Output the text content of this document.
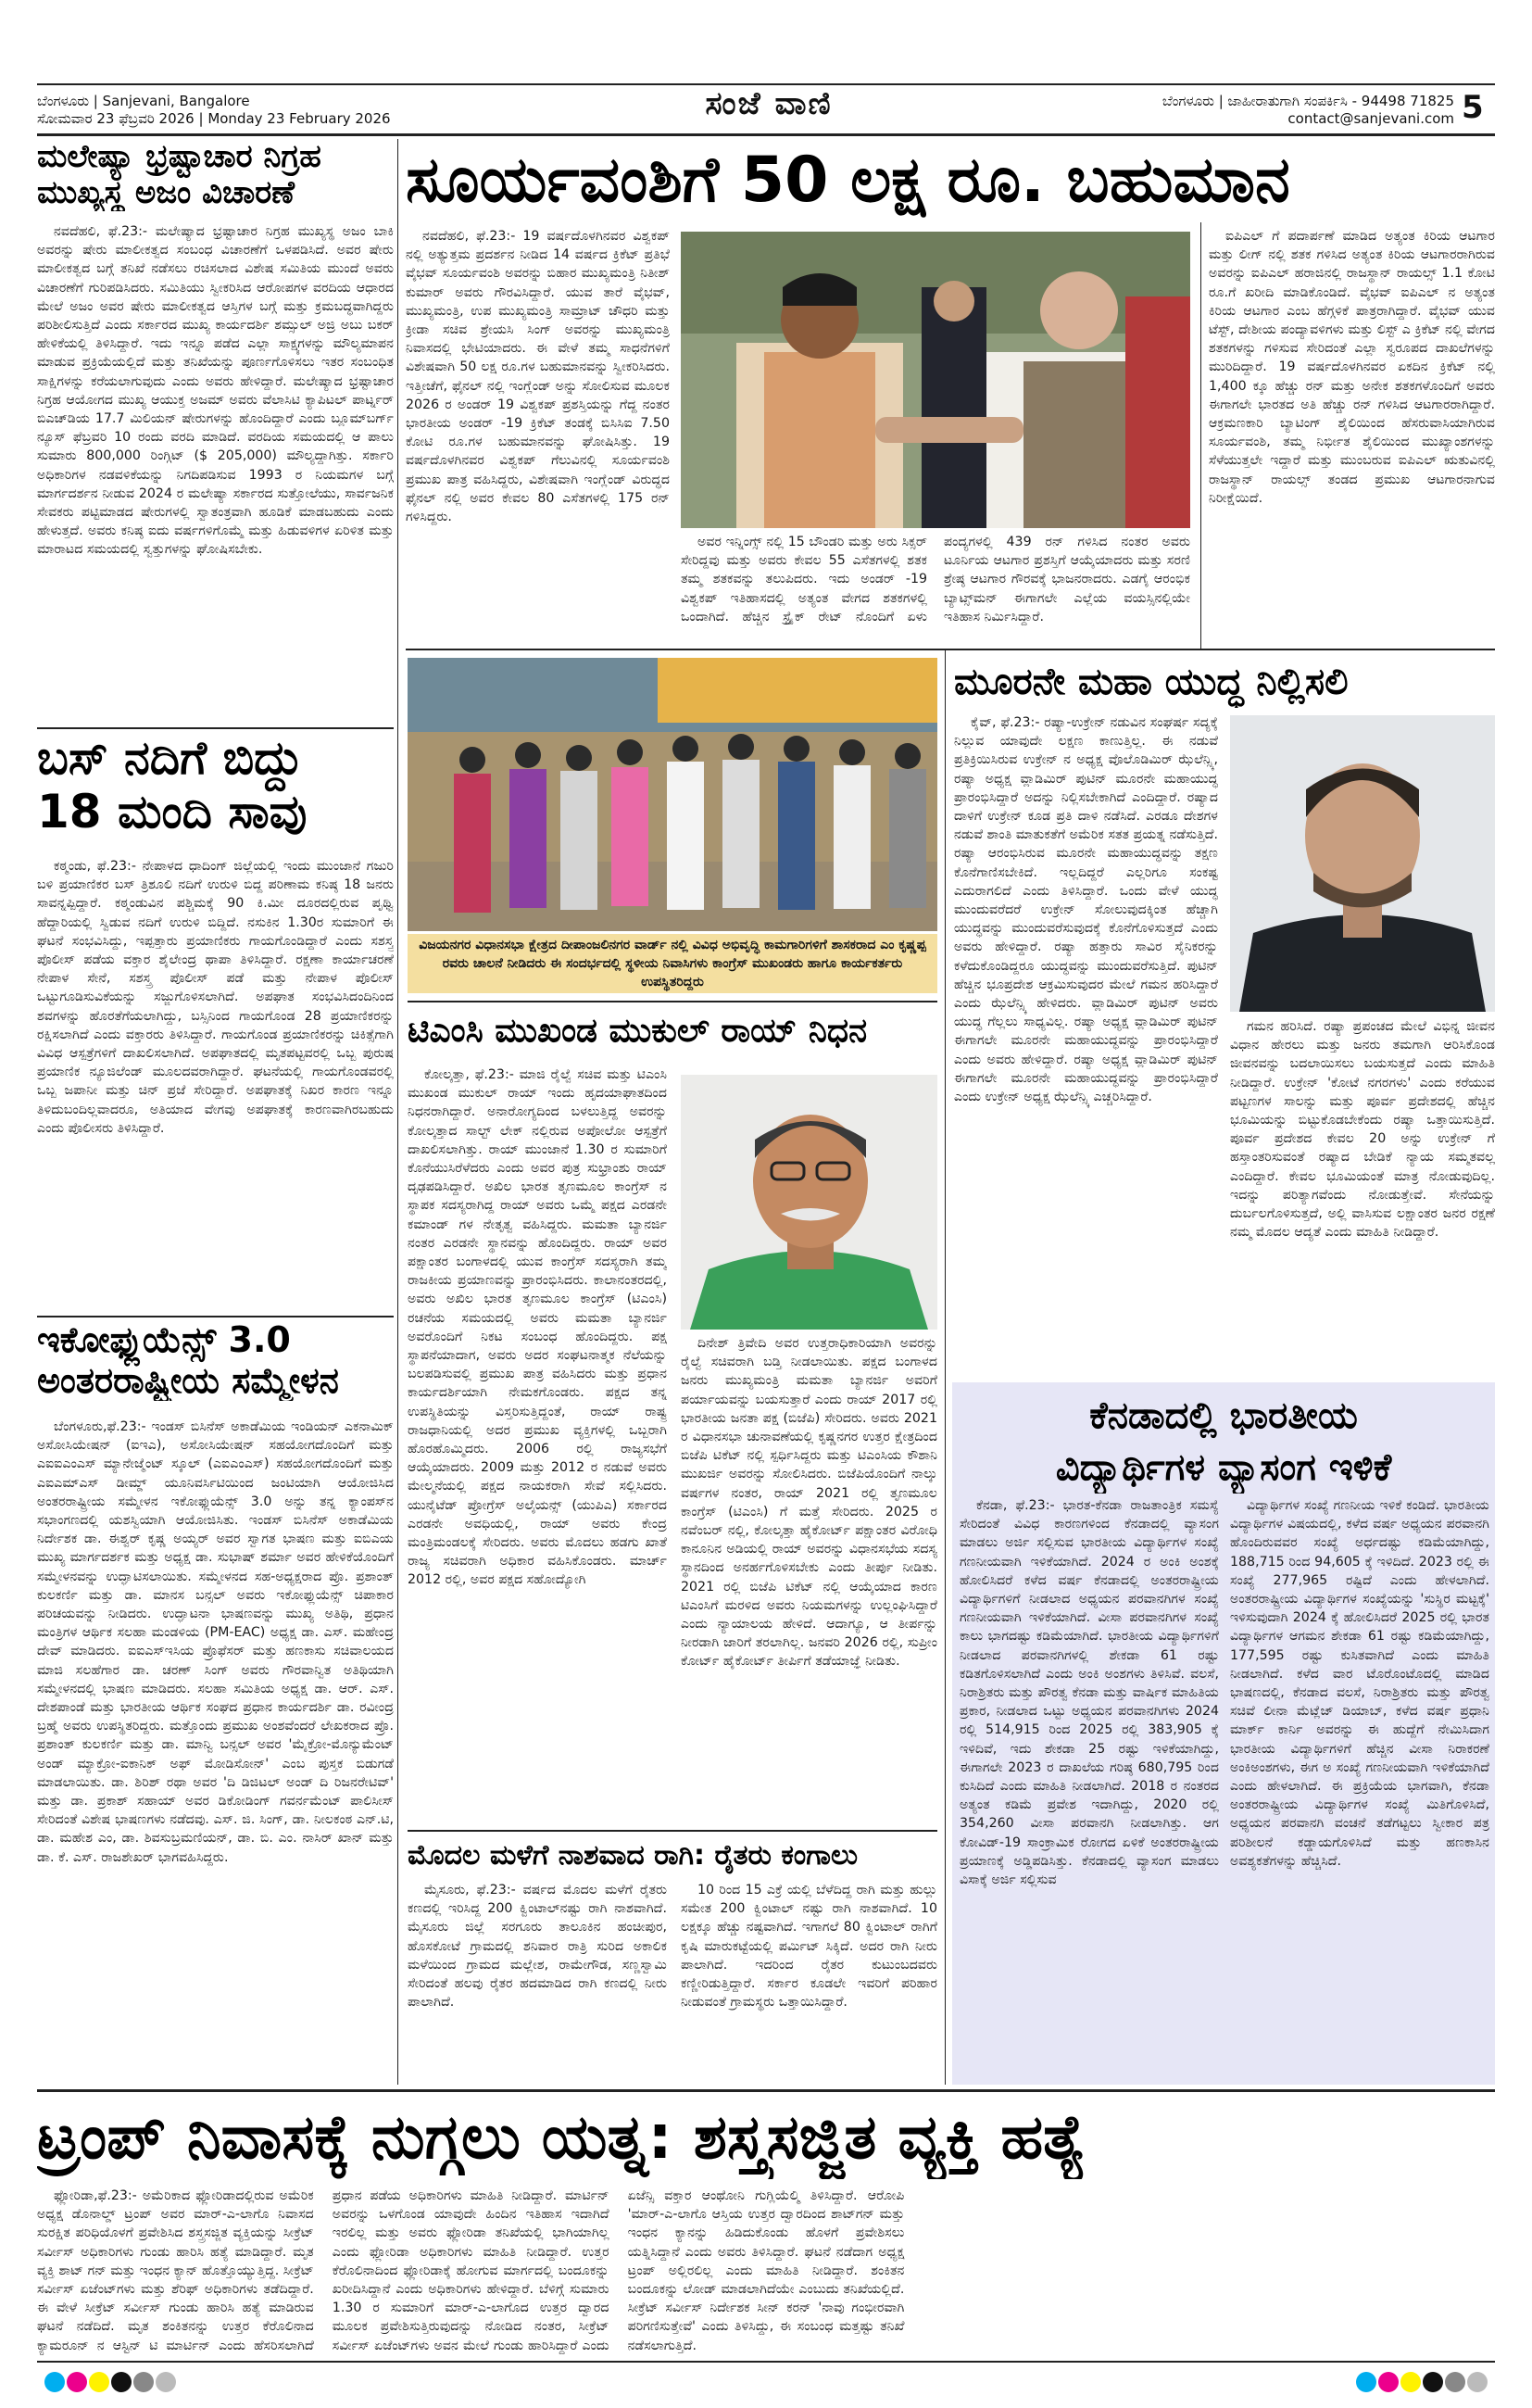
ಬೆಂಗಳೂರು | Sanjevani, Bangalore
ಸೋಮವಾರ 23 ಫೆಬ್ರವರಿ 2026 | Monday 23 February 2026	ಸಂಜೆ ವಾಣಿ	ಬೆಂಗಳೂರು | ಜಾಹೀರಾತುಗಾಗಿ ಸಂಪರ್ಕಿಸಿ - 94498 71825
contact@sanjevani.com 5
ಮಲೇಷ್ಯಾ ಭ್ರಷ್ಟಾಚಾರ ನಿಗ್ರಹ
ಮುಖ್ಯಸ್ಥ ಅಜಂ ವಿಚಾರಣೆ

ನವದೆಹಲಿ, ಫೆ.23:- ಮಲೇಷ್ಯಾದ ಭ್ರಷ್ಟಾಚಾರ ನಿಗ್ರಹ ಮುಖ್ಯಸ್ಥ ಅಜಂ ಬಾಕಿ ಅವರನ್ನು ಷೇರು ಮಾಲೀಕತ್ವದ ಸಂಬಂಧ ವಿಚಾರಣೆಗೆ ಒಳಪಡಿಸಿದೆ. ಅವರ ಷೇರು ಮಾಲೀಕತ್ವದ ಬಗ್ಗೆ ತನಿಖೆ ನಡೆಸಲು ರಚಿಸಲಾದ ವಿಶೇಷ ಸಮಿತಿಯ ಮುಂದೆ ಅವರು ವಿಚಾರಣೆಗೆ ಗುರಿಪಡಿಸಿದರು. ಸಮಿತಿಯು ಸ್ವೀಕರಿಸಿದ ಆರೋಪಗಳ ವರದಿಯ ಆಧಾರದ ಮೇಲೆ ಅಜಂ ಅವರ ಷೇರು ಮಾಲೀಕತ್ವದ ಆಸ್ತಿಗಳ ಬಗ್ಗೆ ಮತ್ತು ಕ್ರಮಬದ್ಧವಾಗಿದ್ದರು ಪರಿಶೀಲಿಸುತ್ತಿದೆ ಎಂದು ಸರ್ಕಾರದ ಮುಖ್ಯ ಕಾರ್ಯದರ್ಶಿ ಶಮ್ಸುಲ್ ಅಜ್ರಿ ಅಬು ಬಕರ್ ಹೇಳಿಕೆಯಲ್ಲಿ ತಿಳಿಸಿದ್ದಾರೆ. ಇದು ಇನ್ನೂ ಪಡೆದ ಎಲ್ಲಾ ಸಾಕ್ಷ್ಯಗಳನ್ನು ಮೌಲ್ಯಮಾಪನ ಮಾಡುವ ಪ್ರಕ್ರಿಯೆಯಲ್ಲಿದೆ ಮತ್ತು ತನಿಖೆಯನ್ನು ಪೂರ್ಣಗೊಳಿಸಲು ಇತರ ಸಂಬಂಧಿತ ಸಾಕ್ಷಿಗಳನ್ನು ಕರೆಯಲಾಗುವುದು ಎಂದು ಅವರು ಹೇಳಿದ್ದಾರೆ. ಮಲೇಷ್ಯಾದ ಭ್ರಷ್ಟಾಚಾರ ನಿಗ್ರಹ ಆಯೋಗದ ಮುಖ್ಯ ಆಯುಕ್ತ ಅಜಮ್ ಅವರು ವೆಲಾಸಿಟಿ ಕ್ಯಾಪಿಟಲ್ ಪಾರ್ಟ್ನರ್ ಬಿಎಚ್‌ಡಿಯ 17.7 ಮಿಲಿಯನ್ ಷೇರುಗಳನ್ನು ಹೊಂದಿದ್ದಾರೆ ಎಂದು ಬ್ಲೂಮ್‌ಬರ್ಗ್ ನ್ಯೂಸ್ ಫೆಬ್ರವರಿ 10 ರಂದು ವರದಿ ಮಾಡಿದೆ. ವರದಿಯ ಸಮಯದಲ್ಲಿ ಆ ಪಾಲು ಸುಮಾರು 800,000 ರಿಂಗ್ಗಿಟ್ ($ 205,000) ಮೌಲ್ಯದ್ದಾಗಿತ್ತು. ಸರ್ಕಾರಿ ಅಧಿಕಾರಿಗಳ ನಡವಳಿಕೆಯನ್ನು ನಿಗದಿಪಡಿಸುವ 1993 ರ ನಿಯಮಗಳ ಬಗ್ಗೆ ಮಾರ್ಗದರ್ಶನ ನೀಡುವ 2024 ರ ಮಲೇಷ್ಯಾ ಸರ್ಕಾರದ ಸುತ್ತೋಲೆಯು, ಸಾರ್ವಜನಿಕ ಸೇವಕರು ಪಟ್ಟಿಮಾಡದ ಷೇರುಗಳಲ್ಲಿ ಸ್ವಾತಂತ್ರವಾಗಿ ಹೂಡಿಕೆ ಮಾಡಬಹುದು ಎಂದು ಹೇಳುತ್ತದೆ. ಅವರು ಕನಿಷ್ಠ ಐದು ವರ್ಷಗಳಿಗೊಮ್ಮೆ ಮತ್ತು ಹಿಡುವಳಿಗಳ ಏರಿಳಿತ ಮತ್ತು ಮಾರಾಟದ ಸಮಯದಲ್ಲಿ ಸ್ವತ್ತುಗಳನ್ನು ಘೋಷಿಸಬೇಕು.

ಬಸ್ ನದಿಗೆ ಬಿದ್ದು
18 ಮಂದಿ ಸಾವು

ಕಠ್ಮಂಡು, ಫೆ.23:- ನೇಪಾಳದ ಧಾದಿಂಗ್ ಜಿಲ್ಲೆಯಲ್ಲಿ ಇಂದು ಮುಂಜಾನೆ ಗಜುರಿ ಬಳಿ ಪ್ರಯಾಣಿಕರ ಬಸ್ ತ್ರಿಶೂಲಿ ನದಿಗೆ ಉರುಳಿ ಬಿದ್ದ ಪರಿಣಾಮ ಕನಿಷ್ಠ 18 ಜನರು ಸಾವನ್ನಪ್ಪಿದ್ದಾರೆ. ಕಠ್ಮಂಡುವಿನ ಪಶ್ಚಿಮಕ್ಕೆ 90 ಕಿ.ಮೀ ದೂರದಲ್ಲಿರುವ ಪೃಥ್ವಿ ಹೆದ್ದಾರಿಯಲ್ಲಿ ಸ್ವಿಡುವ ನದಿಗೆ ಉರುಳಿ ಬಿದ್ದಿದೆ. ನಸುಕಿನ 1.30ರ ಸುಮಾರಿಗೆ ಈ ಘಟನೆ ಸಂಭವಿಸಿದ್ದು, ಇಪ್ಪತ್ತಾರು ಪ್ರಯಾಣಿಕರು ಗಾಯಗೊಂಡಿದ್ದಾರೆ ಎಂದು ಸಶಸ್ತ್ರ ಪೊಲೀಸ್ ಪಡೆಯ ವಕ್ತಾರ ಶೈಲೇಂದ್ರ ಥಾಪಾ ತಿಳಿಸಿದ್ದಾರೆ. ರಕ್ಷಣಾ ಕಾರ್ಯಾಚರಣೆ ನೇಪಾಳ ಸೇನೆ, ಸಶಸ್ತ್ರ ಪೊಲೀಸ್ ಪಡೆ ಮತ್ತು ನೇಪಾಳ ಪೊಲೀಸ್ ಒಟ್ಟುಗೂಡಿಸುವಿಕೆಯನ್ನು ಸಜ್ಜುಗೊಳಿಸಲಾಗಿದೆ. ಅಪಘಾತ ಸಂಭವಿಸಿದಂದಿನಿಂದ ಶವಗಳನ್ನು ಹೊರತೆಗೆಯಲಾಗಿದ್ದು, ಬಸ್ಸಿನಿಂದ ಗಾಯಗೊಂಡ 28 ಪ್ರಯಾಣಿಕರನ್ನು ರಕ್ಷಿಸಲಾಗಿದೆ ಎಂದು ವಕ್ತಾರರು ತಿಳಿಸಿದ್ದಾರೆ. ಗಾಯಗೊಂಡ ಪ್ರಯಾಣಿಕರನ್ನು ಚಿಕಿತ್ಸೆಗಾಗಿ ವಿವಿಧ ಆಸ್ಪತ್ರೆಗಳಿಗೆ ದಾಖಲಿಸಲಾಗಿದೆ. ಅಪಘಾತದಲ್ಲಿ ಮೃತಪಟ್ಟವರಲ್ಲಿ ಒಬ್ಬ ಪುರುಷ ಪ್ರಯಾಣಿಕ ನ್ಯೂಜಿಲೆಂಡ್ ಮೂಲದವರಾಗಿದ್ದಾರೆ. ಘಟನೆಯಲ್ಲಿ ಗಾಯಗೊಂಡವರಲ್ಲಿ ಒಬ್ಬ ಜಪಾನೀ ಮತ್ತು ಚಿನ್ ಪ್ರಜೆ ಸೇರಿದ್ದಾರೆ. ಅಪಘಾತಕ್ಕೆ ನಿಖರ ಕಾರಣ ಇನ್ನೂ ತಿಳಿದುಬಂದಿಲ್ಲವಾದರೂ, ಅತಿಯಾದ ವೇಗವು ಅಪಘಾತಕ್ಕೆ ಕಾರಣವಾಗಿರಬಹುದು ಎಂದು ಪೊಲೀಸರು ತಿಳಿಸಿದ್ದಾರೆ.

ಇಕೋಫ್ಲುಯೆನ್ಸ್ 3.0
ಅಂತರರಾಷ್ಟ್ರೀಯ ಸಮ್ಮೇಳನ

ಬೆಂಗಳೂರು,ಫೆ.23:- ಇಂಡಸ್ ಬಿಸಿನೆಸ್ ಅಕಾಡೆಮಿಯ ಇಂಡಿಯನ್ ಎಕನಾಮಿಕ್ ಅಸೋಸಿಯೇಷನ್ (ಐಇಎ), ಅಸೋಸಿಯೇಷನ್ ಸಹಯೋಗದೊಂದಿಗೆ ಮತ್ತು ಎಐಐಎಂಎಸ್ ಮ್ಯಾನೇಜ್ಮೆಂಟ್ ಸ್ಕೂಲ್ (ಎಐಎಂಎಸ್) ಸಹಯೋಗದೊಂದಿಗೆ ಮತ್ತು ಎಐಎಮ್ಎಸ್ ಡೀಮ್ಡ್ ಯೂನಿವರ್ಸಿಟಿಯಿಂದ ಜಂಟಿಯಾಗಿ ಆಯೋಜಿಸಿದ ಅಂತರರಾಷ್ಟ್ರೀಯ ಸಮ್ಮೇಳನ ಇಕೋಫ್ಲುಯೆನ್ಸ್ 3.0 ಅನ್ನು ತನ್ನ ಕ್ಯಾಂಪಸ್‌ನ ಸಭಾಂಗಣದಲ್ಲಿ ಯಶಸ್ವಿಯಾಗಿ ಆಯೋಜಿಸಿತು. ಇಂಡಸ್ ಬಿಸಿನೆಸ್ ಅಕಾಡೆಮಿಯ ನಿರ್ದೇಶಕ ಡಾ. ಈಶ್ವರ್ ಕೃಷ್ಣ ಅಯ್ಯರ್ ಅವರ ಸ್ವಾಗತ ಭಾಷಣ ಮತ್ತು ಐಬಿಎಯ ಮುಖ್ಯ ಮಾರ್ಗದರ್ಶಕ ಮತ್ತು ಅಧ್ಯಕ್ಷ ಡಾ. ಸುಭಾಷ್ ಶರ್ಮಾ ಅವರ ಹೇಳಿಕೆಯೊಂದಿಗೆ ಸಮ್ಮೇಳನವನ್ನು ಉದ್ಘಾಟಿಸಲಾಯಿತು. ಸಮ್ಮೇಳನದ ಸಹ-ಅಧ್ಯಕ್ಷರಾದ ಪ್ರೊ. ಪ್ರಶಾಂತ್ ಕುಲಕರ್ಣಿ ಮತ್ತು ಡಾ. ಮಾನಸ ಬನ್ಸಲ್ ಅವರು ಇಕೋಫ್ಲುಯೆನ್ಸ್ ಚಿಪಾಕಾರ ಪರಿಚಯವನ್ನು ನೀಡಿದರು. ಉದ್ಘಾಟನಾ ಭಾಷಣವನ್ನು ಮುಖ್ಯ ಅತಿಥಿ, ಪ್ರಧಾನ ಮಂತ್ರಿಗಳ ಆರ್ಥಿಕ ಸಲಹಾ ಮಂಡಳಿಯ (PM-EAC) ಅಧ್ಯಕ್ಷ ಡಾ. ಎಸ್. ಮಹೇಂದ್ರ ದೇವ್ ಮಾಡಿದರು. ಐಐಎಸ್ಇಸಿಯ ಪ್ರೊಫೆಸರ್ ಮತ್ತು ಹಣಕಾಸು ಸಚಿವಾಲಯದ ಮಾಜಿ ಸಲಹೆಗಾರ ಡಾ. ಚರಣ್ ಸಿಂಗ್ ಅವರು ಗೌರವಾನ್ವಿತ ಅತಿಥಿಯಾಗಿ ಸಮ್ಮೇಳನದಲ್ಲಿ ಭಾಷಣ ಮಾಡಿದರು. ಸಲಹಾ ಸಮಿತಿಯ ಅಧ್ಯಕ್ಷ ಡಾ. ಆರ್. ಎಸ್. ದೇಶಪಾಂಡೆ ಮತ್ತು ಭಾರತೀಯ ಆರ್ಥಿಕ ಸಂಘದ ಪ್ರಧಾನ ಕಾರ್ಯದರ್ಶಿ ಡಾ. ರವೀಂದ್ರ ಬ್ರಹ್ಮೆ ಅವರು ಉಪಸ್ಥಿತರಿದ್ದರು. ಮತ್ತೊಂದು ಪ್ರಮುಖ ಅಂಶವೆಂದರೆ ಲೇಖಕರಾದ ಪ್ರೊ. ಪ್ರಶಾಂತ್ ಕುಲಕರ್ಣಿ ಮತ್ತು ಡಾ. ಮಾನ್ವಿ ಬನ್ಸಲ್ ಅವರ 'ಮೈಕ್ರೋ-ಮೊನ್ಯುಮೆಂಟ್ ಅಂಡ್ ಮ್ಯಾಕ್ರೋ-ಐಕಾನಿಕ್ ಅಫ್ ಮೋಡಿಸೋನ್' ಎಂಬ ಪುಸ್ತಕ ಬಿಡುಗಡೆ ಮಾಡಲಾಯಿತು. ಡಾ. ಶಿರಿಶ್ ರಥಾ ಅವರ 'ದಿ ಡಿಜಿಟಲ್ ಅಂಡ್ ದಿ ರಿಜನರೇಟಿವ್' ಮತ್ತು ಡಾ. ಪ್ರಕಾಶ್ ಸಹಾಯ್ ಅವರ ಡಿಕೋಡಿಂಗ್ ಗವರ್ನಮೆಂಟ್ ಪಾಲಿಸೀಸ್ ಸೇರಿದಂತೆ ವಿಶೇಷ ಭಾಷಣಗಳು ನಡೆದವು. ಎಸ್. ಜಿ. ಸಿಂಗ್, ಡಾ. ನೀಲಕಂಠ ಎನ್.ಟಿ, ಡಾ. ಮಹೇಶ ಎಂ, ಡಾ. ಶಿವಸುಬ್ರಮಣಿಯನ್, ಡಾ. ಬಿ. ಎಂ. ನಾಸಿರ್ ಖಾನ್ ಮತ್ತು ಡಾ. ಕೆ. ಎಸ್. ರಾಜಶೇಖರ್ ಭಾಗವಹಿಸಿದ್ದರು.

ಸೂರ್ಯವಂಶಿಗೆ 50 ಲಕ್ಷ ರೂ. ಬಹುಮಾನ

ನವದೆಹಲಿ, ಫೆ.23:- 19 ವರ್ಷದೊಳಗಿನವರ ವಿಶ್ವಕಪ್ ನಲ್ಲಿ ಅತ್ಯುತ್ತಮ ಪ್ರದರ್ಶನ ನೀಡಿದ 14 ವರ್ಷದ ಕ್ರಿಕೆಟ್ ಪ್ರತಿಭೆ ವೈಭವ್ ಸೂರ್ಯವಂಶಿ ಅವರನ್ನು ಬಿಹಾರ ಮುಖ್ಯಮಂತ್ರಿ ನಿತೀಶ್ ಕುಮಾರ್ ಅವರು ಗೌರವಿಸಿದ್ದಾರೆ. ಯುವ ತಾರೆ ವೈಭವ್, ಮುಖ್ಯಮಂತ್ರಿ, ಉಪ ಮುಖ್ಯಮಂತ್ರಿ ಸಾಮ್ರಾಟ್ ಚೌಧರಿ ಮತ್ತು ಕ್ರೀಡಾ ಸಚಿವ ಶ್ರೇಯಸಿ ಸಿಂಗ್ ಅವರನ್ನು ಮುಖ್ಯಮಂತ್ರಿ ನಿವಾಸದಲ್ಲಿ ಭೇಟಿಯಾದರು. ಈ ವೇಳೆ ತಮ್ಮ ಸಾಧನೆಗಳಿಗೆ ವಿಶೇಷವಾಗಿ 50 ಲಕ್ಷ ರೂ.ಗಳ ಬಹುಮಾನವನ್ನು ಸ್ವೀಕರಿಸಿದರು. ಇತ್ತೀಚೆಗೆ, ಫೈನಲ್ ನಲ್ಲಿ ಇಂಗ್ಲೆಂಡ್ ಅನ್ನು ಸೋಲಿಸುವ ಮೂಲಕ 2026 ರ ಅಂಡರ್ 19 ವಿಶ್ವಕಪ್ ಪ್ರಶಸ್ತಿಯನ್ನು ಗೆದ್ದ ನಂತರ ಭಾರತೀಯ ಅಂಡರ್ -19 ಕ್ರಿಕೆಟ್ ತಂಡಕ್ಕೆ ಬಿಸಿಸಿಐ 7.50 ಕೋಟಿ ರೂ.ಗಳ ಬಹುಮಾನವನ್ನು ಘೋಷಿಸಿತ್ತು. 19 ವರ್ಷದೊಳಗಿನವರ ವಿಶ್ವಕಪ್ ಗೆಲುವಿನಲ್ಲಿ ಸೂರ್ಯವಂಶಿ ಪ್ರಮುಖ ಪಾತ್ರ ವಹಿಸಿದ್ದರು, ವಿಶೇಷವಾಗಿ ಇಂಗ್ಲೆಂಡ್ ವಿರುದ್ಧದ ಫೈನಲ್ ನಲ್ಲಿ ಅವರ ಕೇವಲ 80 ಎಸೆತಗಳಲ್ಲಿ 175 ರನ್ ಗಳಿಸಿದ್ದರು.

ಅವರ ಇನ್ನಿಂಗ್ಸ್ ನಲ್ಲಿ 15 ಬೌಂಡರಿ ಮತ್ತು ಅರು ಸಿಕ್ಸರ್ ಸೇರಿದ್ದವು ಮತ್ತು ಅವರು ಕೇವಲ 55 ಎಸೆತಗಳಲ್ಲಿ ಶತಕ ತಮ್ಮ ಶತಕವನ್ನು ತಲುಪಿದರು. ಇದು ಅಂಡರ್ -19 ವಿಶ್ವಕಪ್ ಇತಿಹಾಸದಲ್ಲಿ ಅತ್ಯಂತ ವೇಗದ ಶತಕಗಳಲ್ಲಿ ಒಂದಾಗಿದೆ. ಹೆಚ್ಚಿನ ಸ್ಟ್ರೈಕ್ ರೇಟ್ ನೊಂದಿಗೆ ಏಳು ಪಂದ್ಯಗಳಲ್ಲಿ 439 ರನ್ ಗಳಿಸಿದ ನಂತರ ಅವರು ಟೂರ್ನಿಯ ಆಟಗಾರ ಪ್ರಶಸ್ತಿಗೆ ಆಯ್ಕೆಯಾದರು ಮತ್ತು ಸರಣಿ ಶ್ರೇಷ್ಠ ಆಟಗಾರ ಗೌರವಕ್ಕೆ ಭಾಜನರಾದರು. ಎಡಗೈ ಆರಂಭಿಕ ಬ್ಯಾಟ್ಸ್‌ಮನ್ ಈಗಾಗಲೇ ಎಲ್ಲೆಯ ವಯಸ್ಸಿನಲ್ಲಿಯೇ ಇತಿಹಾಸ ನಿರ್ಮಿಸಿದ್ದಾರೆ.

ಐಪಿಎಲ್ ಗೆ ಪದಾರ್ಪಣೆ ಮಾಡಿದ ಅತ್ಯಂತ ಕಿರಿಯ ಆಟಗಾರ ಮತ್ತು ಲೀಗ್ ನಲ್ಲಿ ಶತಕ ಗಳಿಸಿದ ಅತ್ಯಂತ ಕಿರಿಯ ಆಟಗಾರರಾಗಿರುವ ಅವರನ್ನು ಐಪಿಎಲ್ ಹರಾಜಿನಲ್ಲಿ ರಾಜಸ್ಥಾನ್ ರಾಯಲ್ಸ್ 1.1 ಕೋಟಿ ರೂ.ಗೆ ಖರೀದಿ ಮಾಡಿಕೊಂಡಿದೆ. ವೈಭವ್ ಐಪಿಎಲ್ ನ ಅತ್ಯಂತ ಕಿರಿಯ ಆಟಗಾರ ಎಂಬ ಹೆಗ್ಗಳಿಕೆ ಪಾತ್ರರಾಗಿದ್ದಾರೆ. ವೈಭವ್ ಯುವ ಟೆಸ್ಟ್, ದೇಶೀಯ ಪಂದ್ಯಾವಳಿಗಳು ಮತ್ತು ಲಿಸ್ಟ್ ಎ ಕ್ರಿಕೆಟ್ ನಲ್ಲಿ ವೇಗದ ಶತಕಗಳನ್ನು ಗಳಿಸುವ ಸೇರಿದಂತೆ ಎಲ್ಲಾ ಸ್ವರೂಪದ ದಾಖಲೆಗಳನ್ನು ಮುರಿದಿದ್ದಾರೆ. 19 ವರ್ಷದೊಳಗಿನವರ ಏಕದಿನ ಕ್ರಿಕೆಟ್ ನಲ್ಲಿ 1,400 ಕ್ಕೂ ಹೆಚ್ಚು ರನ್ ಮತ್ತು ಅನೇಕ ಶತಕಗಳೊಂದಿಗೆ ಅವರು ಈಗಾಗಲೇ ಭಾರತದ ಅತಿ ಹೆಚ್ಚು ರನ್ ಗಳಿಸಿದ ಆಟಗಾರರಾಗಿದ್ದಾರೆ. ಆಕ್ರಮಣಕಾರಿ ಬ್ಯಾಟಿಂಗ್ ಶೈಲಿಯಿಂದ ಹೆಸರುವಾಸಿಯಾಗಿರುವ ಸೂರ್ಯವಂಶಿ, ತಮ್ಮ ನಿರ್ಭೀತ ಶೈಲಿಯಿಂದ ಮುಖ್ಯಾಂಶಗಳನ್ನು ಸೆಳೆಯುತ್ತಲೇ ಇದ್ದಾರೆ ಮತ್ತು ಮುಂಬರುವ ಐಪಿಎಲ್ ಋತುವಿನಲ್ಲಿ ರಾಜಸ್ಥಾನ್ ರಾಯಲ್ಸ್ ತಂಡದ ಪ್ರಮುಖ ಆಟಗಾರನಾಗುವ ನಿರೀಕ್ಷೆಯಿದೆ.

ವಿಜಯನಗರ ವಿಧಾನಸಭಾ ಕ್ಷೇತ್ರದ ದೀಪಾಂಜಲಿನಗರ ವಾರ್ಡ್ ನಲ್ಲಿ ವಿವಿಧ ಅಭಿವೃದ್ಧಿ ಕಾಮಗಾರಿಗಳಿಗೆ ಶಾಸಕರಾದ ಎಂ ಕೃಷ್ಣಪ್ಪ ರವರು ಚಾಲನೆ ನೀಡಿದರು ಈ ಸಂದರ್ಭದಲ್ಲಿ ಸ್ಥಳೀಯ ನಿವಾಸಿಗಳು ಕಾಂಗ್ರೆಸ್ ಮುಖಂಡರು ಹಾಗೂ ಕಾರ್ಯಕರ್ತರು ಉಪಸ್ಥಿತರಿದ್ದರು
ಟಿಎಂಸಿ ಮುಖಂಡ ಮುಕುಲ್ ರಾಯ್ ನಿಧನ

ಕೋಲ್ಕತ್ತಾ, ಫೆ.23:- ಮಾಜಿ ರೈಲ್ವೆ ಸಚಿವ ಮತ್ತು ಟಿಎಂಸಿ ಮುಖಂಡ ಮುಕುಲ್ ರಾಯ್ ಇಂದು ಹೃದಯಾಘಾತದಿಂದ ನಿಧನರಾಗಿದ್ದಾರೆ. ಅನಾರೋಗ್ಯದಿಂದ ಬಳಲುತ್ತಿದ್ದ ಅವರನ್ನು ಕೋಲ್ಕತ್ತಾದ ಸಾಲ್ಟ್ ಲೇಕ್ ನಲ್ಲಿರುವ ಅಪೋಲೋ ಆಸ್ಪತ್ರೆಗೆ ದಾಖಲಿಸಲಾಗಿತ್ತು. ರಾಯ್ ಮುಂಜಾನೆ 1.30 ರ ಸುಮಾರಿಗೆ ಕೊನೆಯುಸಿರೆಳೆದರು ಎಂದು ಅವರ ಪುತ್ರ ಸುಭ್ರಾಂಶು ರಾಯ್ ದೃಢಪಡಿಸಿದ್ದಾರೆ. ಅಖಿಲ ಭಾರತ ತೃಣಮೂಲ ಕಾಂಗ್ರೆಸ್ ನ ಸ್ಥಾಪಕ ಸದಸ್ಯರಾಗಿದ್ದ ರಾಯ್ ಅವರು ಒಮ್ಮೆ ಪಕ್ಷದ ಎರಡನೇ ಕಮಾಂಡ್ ಗಳ ನೇತೃತ್ವ ವಹಿಸಿದ್ದರು. ಮಮತಾ ಬ್ಯಾನರ್ಜಿ ನಂತರ ಎರಡನೇ ಸ್ಥಾನವನ್ನು ಹೊಂದಿದ್ದರು. ರಾಯ್ ಅವರ ಪಕ್ಷಾಂತರ ಬಂಗಾಳದಲ್ಲಿ ಯುವ ಕಾಂಗ್ರೆಸ್ ಸದಸ್ಯರಾಗಿ ತಮ್ಮ ರಾಜಕೀಯ ಪ್ರಯಾಣವನ್ನು ಪ್ರಾರಂಭಿಸಿದರು. ಕಾಲಾನಂತರದಲ್ಲಿ, ಅವರು ಅಖಿಲ ಭಾರತ ತೃಣಮೂಲ ಕಾಂಗ್ರೆಸ್ (ಟಿಎಂಸಿ) ರಚನೆಯ ಸಮಯದಲ್ಲಿ ಅವರು ಮಮತಾ ಬ್ಯಾನರ್ಜಿ ಅವರೊಂದಿಗೆ ನಿಕಟ ಸಂಬಂಧ ಹೊಂದಿದ್ದರು. ಪಕ್ಷ ಸ್ಥಾಪನೆಯಾದಾಗ, ಅವರು ಅದರ ಸಂಘಟನಾತ್ಮಕ ನೆಲೆಯನ್ನು ಬಲಪಡಿಸುವಲ್ಲಿ ಪ್ರಮುಖ ಪಾತ್ರ ವಹಿಸಿದರು ಮತ್ತು ಪ್ರಧಾನ ಕಾರ್ಯದರ್ಶಿಯಾಗಿ ನೇಮಕಗೊಂಡರು. ಪಕ್ಷದ ತನ್ನ ಉಪಸ್ಥಿತಿಯನ್ನು ವಿಸ್ತರಿಸುತ್ತಿದ್ದಂತೆ, ರಾಯ್ ರಾಷ್ಟ್ರ ರಾಜಧಾನಿಯಲ್ಲಿ ಅದರ ಪ್ರಮುಖ ವ್ಯಕ್ತಿಗಳಲ್ಲಿ ಒಬ್ಬರಾಗಿ ಹೊರಹೊಮ್ಮಿದರು. 2006 ರಲ್ಲಿ ರಾಜ್ಯಸಭೆಗೆ ಆಯ್ಕೆಯಾದರು. 2009 ಮತ್ತು 2012 ರ ನಡುವೆ ಅವರು ಮೇಲ್ಮನೆಯಲ್ಲಿ ಪಕ್ಷದ ನಾಯಕರಾಗಿ ಸೇವೆ ಸಲ್ಲಿಸಿದರು. ಯುನೈಟೆಡ್ ಪ್ರೋಗ್ರೆಸ್ ಅಲೈಯನ್ಸ್ (ಯುಪಿಎ) ಸರ್ಕಾರದ ಎರಡನೇ ಅವಧಿಯಲ್ಲಿ, ರಾಯ್ ಅವರು ಕೇಂದ್ರ ಮಂತ್ರಿಮಂಡಲಕ್ಕೆ ಸೇರಿದರು. ಅವರು ಮೊದಲು ಹಡಗು ಖಾತೆ ರಾಜ್ಯ ಸಚಿವರಾಗಿ ಅಧಿಕಾರ ವಹಿಸಿಕೊಂಡರು. ಮಾರ್ಚ್ 2012 ರಲ್ಲಿ, ಅವರ ಪಕ್ಷದ ಸಹೋದ್ಯೋಗಿ

ದಿನೇಶ್ ತ್ರಿವೇದಿ ಅವರ ಉತ್ತರಾಧಿಕಾರಿಯಾಗಿ ಅವರನ್ನು ರೈಲ್ವೆ ಸಚಿವರಾಗಿ ಬಡ್ತಿ ನೀಡಲಾಯಿತು. ಪಕ್ಷದ ಬಂಗಾಳದ ಜನರು ಮುಖ್ಯಮಂತ್ರಿ ಮಮತಾ ಬ್ಯಾನರ್ಜಿ ಅವರಿಗೆ ಪರ್ಯಾಯವನ್ನು ಬಯಸುತ್ತಾರೆ ಎಂದು ರಾಯ್ 2017 ರಲ್ಲಿ ಭಾರತೀಯ ಜನತಾ ಪಕ್ಷ (ಬಿಜೆಪಿ) ಸೇರಿದರು. ಅವರು 2021 ರ ವಿಧಾನಸಭಾ ಚುನಾವಣೆಯಲ್ಲಿ ಕೃಷ್ಣನಗರ ಉತ್ತರ ಕ್ಷೇತ್ರದಿಂದ ಬಿಜೆಪಿ ಟಿಕೆಟ್ ನಲ್ಲಿ ಸ್ಪರ್ಧಿಸಿದ್ದರು ಮತ್ತು ಟಿಎಂಸಿಯ ಕೌಶಾನಿ ಮುಖರ್ಜಿ ಅವರನ್ನು ಸೋಲಿಸಿದರು. ಬಿಜೆಪಿಯೊಂದಿಗೆ ನಾಲ್ಕು ವರ್ಷಗಳ ನಂತರ, ರಾಯ್ 2021 ರಲ್ಲಿ ತೃಣಮೂಲ ಕಾಂಗ್ರೆಸ್ (ಟಿಎಂಸಿ) ಗೆ ಮತ್ತೆ ಸೇರಿದರು. 2025 ರ ನವೆಂಬರ್ ನಲ್ಲಿ, ಕೋಲ್ಕತ್ತಾ ಹೈಕೋರ್ಟ್ ಪಕ್ಷಾಂತರ ವಿರೋಧಿ ಕಾನೂನಿನ ಅಡಿಯಲ್ಲಿ ರಾಯ್ ಅವರನ್ನು ವಿಧಾನಸಭೆಯ ಸದಸ್ಯ ಸ್ಥಾನದಿಂದ ಅನರ್ಹಗೊಳಿಸಬೇಕು ಎಂದು ತೀರ್ಪು ನೀಡಿತು. 2021 ರಲ್ಲಿ ಬಿಜೆಪಿ ಟಿಕೆಟ್ ನಲ್ಲಿ ಆಯ್ಕೆಯಾದ ಕಾರಣ ಟಿಎಂಸಿಗೆ ಮರಳಿದ ಅವರು ನಿಯಮಗಳನ್ನು ಉಲ್ಲಂಘಿಸಿದ್ದಾರೆ ಎಂದು ನ್ಯಾಯಾಲಯ ಹೇಳಿದೆ. ಆದಾಗ್ಯೂ, ಆ ತೀರ್ಪನ್ನು ನೀರಡಾಗಿ ಜಾರಿಗೆ ತರಲಾಗಿಲ್ಲ. ಜನವರಿ 2026 ರಲ್ಲಿ, ಸುಪ್ರೀಂ ಕೋರ್ಟ್ ಹೈಕೋರ್ಟ್ ತೀರ್ಪಿಗೆ ತಡೆಯಾಜ್ಞೆ ನೀಡಿತು.

ಮೊದಲ ಮಳೆಗೆ ನಾಶವಾದ ರಾಗಿ: ರೈತರು ಕಂಗಾಲು

ಮೈಸೂರು, ಫೆ.23:- ವರ್ಷದ ಮೊದಲ ಮಳೆಗೆ ರೈತರು ಕಣದಲ್ಲಿ ಇರಿಸಿದ್ದ 200 ಕ್ವಿಂಟಾಲ್‌ನಷ್ಟು ರಾಗಿ ನಾಶವಾಗಿದೆ. ಮೈಸೂರು ಜಿಲ್ಲೆ ಸರಗೂರು ತಾಲೂಕಿನ ಹಂಚೀಪುರ, ಹೊಸಕೋಟೆ ಗ್ರಾಮದಲ್ಲಿ ಶನಿವಾರ ರಾತ್ರಿ ಸುರಿದ ಅಕಾಲಿಕ ಮಳೆಯಿಂದ ಗ್ರಾಮದ ಮಲ್ಲೇಶ, ರಾಮೇಗೌಡ, ಸಣ್ಣಸ್ವಾಮಿ ಸೇರಿದಂತೆ ಹಲವು ರೈತರ ಹದಮಾಡಿದ ರಾಗಿ ಕಣದಲ್ಲಿ ನೀರು ಪಾಲಾಗಿದೆ.

10 ರಿಂದ 15 ಎಕ್ರೆ ಯಲ್ಲಿ ಬೆಳೆದಿದ್ದ ರಾಗಿ ಮತ್ತು ಹುಲ್ಲು ಸಮೇತ 200 ಕ್ವಿಂಟಾಲ್ ನಷ್ಟು ರಾಗಿ ನಾಶವಾಗಿದೆ. 10 ಲಕ್ಷಕ್ಕೂ ಹೆಚ್ಚು ನಷ್ಟವಾಗಿದೆ. ಇಗಾಗಲೆ 80 ಕ್ವಿಂಟಾಲ್ ರಾಗಿಗೆ ಕೃಷಿ ಮಾರುಕಟ್ಟೆಯಲ್ಲಿ ಪರ್ಮಿಟ್ ಸಿಕ್ಕಿದೆ. ಅದರ ರಾಗಿ ನೀರು ಪಾಲಾಗಿದೆ. ಇದರಿಂದ ರೈತರ ಕುಟುಂಬದವರು ಕಣ್ಣೀರಿಡುತ್ತಿದ್ದಾರೆ. ಸರ್ಕಾರ ಕೂಡಲೇ ಇವರಿಗೆ ಪರಿಹಾರ ನೀಡುವಂತೆ ಗ್ರಾಮಸ್ಥರು ಒತ್ತಾಯಿಸಿದ್ದಾರೆ.

ಮೂರನೇ ಮಹಾ ಯುದ್ಧ ನಿಲ್ಲಿಸಲಿ

ಕೈವ್, ಫೆ.23:- ರಷ್ಯಾ-ಉಕ್ರೇನ್ ನಡುವಿನ ಸಂಘರ್ಷ ಸದ್ಯಕ್ಕೆ ನಿಲ್ಲುವ ಯಾವುದೇ ಲಕ್ಷಣ ಕಾಣುತ್ತಿಲ್ಲ. ಈ ನಡುವೆ ಪ್ರತಿಕ್ರಿಯಿಸಿರುವ ಉಕ್ರೇನ್ ನ ಅಧ್ಯಕ್ಷ ವೊಲೊಡಿಮಿರ್ ಝೆಲೆನ್ಸ್ಕಿ, ರಷ್ಯಾ ಅಧ್ಯಕ್ಷ ವ್ಲಾಡಿಮಿರ್ ಪುಟಿನ್ ಮೂರನೇ ಮಹಾಯುದ್ಧ ಪ್ರಾರಂಭಿಸಿದ್ದಾರೆ ಅದನ್ನು ನಿಲ್ಲಿಸಬೇಕಾಗಿದೆ ಎಂದಿದ್ದಾರೆ. ರಷ್ಯಾದ ದಾಳಿಗೆ ಉಕ್ರೇನ್ ಕೂಡ ಪ್ರತಿ ದಾಳಿ ನಡೆಸಿದೆ. ಎರಡೂ ದೇಶಗಳ ನಡುವೆ ಶಾಂತಿ ಮಾತುಕತೆಗೆ ಅಮೆರಿಕ ಸತತ ಪ್ರಯತ್ನ ನಡೆಸುತ್ತಿದೆ. ರಷ್ಯಾ ಆರಂಭಿಸಿರುವ ಮೂರನೇ ಮಹಾಯುದ್ಧವನ್ನು ತಕ್ಷಣ ಕೊನೆಗಾಣಿಸಬೇಕಿದೆ. ಇಲ್ಲದಿದ್ದರೆ ಎಲ್ಲರಿಗೂ ಸಂಕಷ್ಟ ಎದುರಾಗಲಿದೆ ಎಂದು ತಿಳಿಸಿದ್ದಾರೆ. ಒಂದು ವೇಳೆ ಯುದ್ಧ ಮುಂದುವರೆದರೆ ಉಕ್ರೇನ್ ಸೋಲುವುದಕ್ಕಿಂತ ಹೆಚ್ಚಾಗಿ ಯುದ್ಧವನ್ನು ಮುಂದುವರೆಸುವುದಕ್ಕೆ ಕೊನೆಗೊಳಿಸುತ್ತದೆ ಎಂದು ಅವರು ಹೇಳಿದ್ದಾರೆ. ರಷ್ಯಾ ಹತ್ತಾರು ಸಾವಿರ ಸೈನಿಕರನ್ನು ಕಳೆದುಕೊಂಡಿದ್ದರೂ ಯುದ್ಧವನ್ನು ಮುಂದುವರೆಸುತ್ತಿದೆ. ಪುಟಿನ್ ಹೆಚ್ಚಿನ ಭೂಪ್ರದೇಶ ಆಕ್ರಮಿಸುವುದರ ಮೇಲೆ ಗಮನ ಹರಿಸಿದ್ದಾರೆ ಎಂದು ಝೆಲೆನ್ಸ್ಕಿ ಹೇಳಿದರು. ವ್ಲಾಡಿಮಿರ್ ಪುಟಿನ್ ಅವರು ಯುದ್ಧ ಗೆಲ್ಲಲು ಸಾಧ್ಯವಿಲ್ಲ. ರಷ್ಯಾ ಅಧ್ಯಕ್ಷ ವ್ಲಾಡಿಮಿರ್ ಪುಟಿನ್ ಈಗಾಗಲೇ ಮೂರನೇ ಮಹಾಯುದ್ಧವನ್ನು ಪ್ರಾರಂಭಿಸಿದ್ದಾರೆ ಎಂದು ಅವರು ಹೇಳಿದ್ದಾರೆ. ರಷ್ಯಾ ಅಧ್ಯಕ್ಷ ವ್ಲಾಡಿಮಿರ್ ಪುಟಿನ್ ಈಗಾಗಲೇ ಮೂರನೇ ಮಹಾಯುದ್ಧವನ್ನು ಪ್ರಾರಂಭಿಸಿದ್ದಾರೆ ಎಂದು ಉಕ್ರೇನ್ ಅಧ್ಯಕ್ಷ ಝೆಲೆನ್ಸ್ಕಿ ಎಚ್ಚರಿಸಿದ್ದಾರೆ.

ಗಮನ ಹರಿಸಿದೆ. ರಷ್ಯಾ ಪ್ರಪಂಚದ ಮೇಲೆ ವಿಭಿನ್ನ ಜೀವನ ವಿಧಾನ ಹೇರಲು ಮತ್ತು ಜನರು ತಮಗಾಗಿ ಆರಿಸಿಕೊಂಡ ಜೀವನವನ್ನು ಬದಲಾಯಿಸಲು ಬಯಸುತ್ತದೆ ಎಂದು ಮಾಹಿತಿ ನೀಡಿದ್ದಾರೆ. ಉಕ್ರೇನ್ 'ಕೋಟೆ ನಗರಗಳು' ಎಂದು ಕರೆಯುವ ಪಟ್ಟಣಗಳ ಸಾಲನ್ನು ಮತ್ತು ಪೂರ್ವ ಪ್ರದೇಶದಲ್ಲಿ ಹೆಚ್ಚಿನ ಭೂಮಿಯನ್ನು ಬಿಟ್ಟುಕೊಡಬೇಕೆಂದು ರಷ್ಯಾ ಒತ್ತಾಯಿಸುತ್ತಿದೆ. ಪೂರ್ವ ಪ್ರದೇಶದ ಕೇವಲ 20 ಅನ್ನು ಉಕ್ರೇನ್ ಗೆ ಹಸ್ತಾಂತರಿಸುವಂತೆ ರಷ್ಯಾದ ಬೇಡಿಕೆ ನ್ಯಾಯ ಸಮ್ಮತವಲ್ಲ ಎಂದಿದ್ದಾರೆ. ಕೇವಲ ಭೂಮಿಯಂತೆ ಮಾತ್ರ ನೋಡುವುದಿಲ್ಲ. ಇದನ್ನು ಪರಿತ್ಯಾಗವೆಂದು ನೋಡುತ್ತೇವೆ. ಸೇನೆಯನ್ನು ದುರ್ಬಲಗೊಳಿಸುತ್ತದೆ, ಅಲ್ಲಿ ವಾಸಿಸುವ ಲಕ್ಷಾಂತರ ಜನರ ರಕ್ಷಣೆ ನಮ್ಮ ಮೊದಲ ಆದ್ಯತೆ ಎಂದು ಮಾಹಿತಿ ನೀಡಿದ್ದಾರೆ.

ಕೆನಡಾದಲ್ಲಿ ಭಾರತೀಯ
ವಿದ್ಯಾರ್ಥಿಗಳ ವ್ಯಾಸಂಗ ಇಳಿಕೆ

ಕೆನಡಾ, ಫೆ.23:- ಭಾರತ-ಕೆನಡಾ ರಾಜತಾಂತ್ರಿಕ ಸಮಸ್ಯೆ ಸೇರಿದಂತೆ ವಿವಿಧ ಕಾರಣಗಳಿಂದ ಕೆನಡಾದಲ್ಲಿ ವ್ಯಾಸಂಗ ಮಾಡಲು ಅರ್ಜಿ ಸಲ್ಲಿಸುವ ಭಾರತೀಯ ವಿದ್ಯಾರ್ಥಿಗಳ ಸಂಖ್ಯೆ ಗಣನೀಯವಾಗಿ ಇಳಿಕೆಯಾಗಿದೆ. 2024 ರ ಅಂಕಿ ಅಂಶಕ್ಕೆ ಹೋಲಿಸಿದರೆ ಕಳೆದ ವರ್ಷ ಕೆನಡಾದಲ್ಲಿ ಅಂತರರಾಷ್ಟ್ರೀಯ ವಿದ್ಯಾರ್ಥಿಗಳಿಗೆ ನೀಡಲಾದ ಅಧ್ಯಯನ ಪರವಾನಗಿಗಳ ಸಂಖ್ಯೆ ಗಣನೀಯವಾಗಿ ಇಳಿಕೆಯಾಗಿದೆ. ವೀಸಾ ಪರವಾನಗಿಗಳ ಸಂಖ್ಯೆ ಕಾಲು ಭಾಗದಷ್ಟು ಕಡಿಮೆಯಾಗಿದೆ. ಭಾರತೀಯ ವಿದ್ಯಾರ್ಥಿಗಳಿಗೆ ನೀಡಲಾದ ಪರವಾನಗಿಗಳಲ್ಲಿ ಶೇಕಡಾ 61 ರಷ್ಟು ಕಡಿತಗೊಳಿಸಲಾಗಿದೆ ಎಂದು ಅಂಕಿ ಅಂಶಗಳು ತಿಳಿಸಿವೆ. ವಲಸೆ, ನಿರಾಶ್ರಿತರು ಮತ್ತು ಪೌರತ್ವ ಕೆನಡಾ ಮತ್ತು ವಾರ್ಷಿಕ ಮಾಹಿತಿಯ ಪ್ರಕಾರ, ನೀಡಲಾದ ಒಟ್ಟು ಅಧ್ಯಯನ ಪರವಾನಗಿಗಳು 2024 ರಲ್ಲಿ 514,915 ರಿಂದ 2025 ರಲ್ಲಿ 383,905 ಕ್ಕೆ ಇಳಿದಿವೆ, ಇದು ಶೇಕಡಾ 25 ರಷ್ಟು ಇಳಿಕೆಯಾಗಿದ್ದು, ಈಗಾಗಲೇ 2023 ರ ದಾಖಲೆಯ ಗರಿಷ್ಠ 680,795 ರಿಂದ ಕುಸಿದಿದೆ ಎಂದು ಮಾಹಿತಿ ನೀಡಲಾಗಿದೆ. 2018 ರ ನಂತರದ ಅತ್ಯಂತ ಕಡಿಮೆ ಪ್ರವೇಶ ಇದಾಗಿದ್ದು, 2020 ರಲ್ಲಿ 354,260 ವೀಸಾ ಪರವಾನಗಿ ನೀಡಲಾಗಿತ್ತು. ಆಗ ಕೋವಿಡ್-19 ಸಾಂಕ್ರಾಮಿಕ ರೋಗದ ಏಳಿಕೆ ಅಂತರರಾಷ್ಟ್ರೀಯ ಪ್ರಯಾಣಕ್ಕೆ ಅಡ್ಡಿಪಡಿಸಿತ್ತು. ಕೆನಡಾದಲ್ಲಿ ವ್ಯಾಸಂಗ ಮಾಡಲು ವಿಸಾಕ್ಕೆ ಅರ್ಜಿ ಸಲ್ಲಿಸುವ

ವಿದ್ಯಾರ್ಥಿಗಳ ಸಂಖ್ಯೆ ಗಣನೀಯ ಇಳಿಕೆ ಕಂಡಿದೆ. ಭಾರತೀಯ ವಿದ್ಯಾರ್ಥಿಗಳ ವಿಷಯದಲ್ಲಿ, ಕಳೆದ ವರ್ಷ ಅಧ್ಯಯನ ಪರವಾನಗಿ ಹೊಂದಿರುವವರ ಸಂಖ್ಯೆ ಅರ್ಧದಷ್ಟು ಕಡಿಮೆಯಾಗಿದ್ದು, 188,715 ರಿಂದ 94,605 ಕ್ಕೆ ಇಳಿದಿದೆ. 2023 ರಲ್ಲಿ ಈ ಸಂಖ್ಯೆ 277,965 ರಷ್ಟಿದೆ ಎಂದು ಹೇಳಲಾಗಿದೆ. ಅಂತರರಾಷ್ಟ್ರೀಯ ವಿದ್ಯಾರ್ಥಿಗಳ ಸಂಖ್ಯೆಯನ್ನು 'ಸುಸ್ಥಿರ ಮಟ್ಟಕ್ಕೆ' ಇಳಿಸುವುದಾಗಿ 2024 ಕ್ಕೆ ಹೋಲಿಸಿದರೆ 2025 ರಲ್ಲಿ ಭಾರತ ವಿದ್ಯಾರ್ಥಿಗಳ ಆಗಮನ ಶೇಕಡಾ 61 ರಷ್ಟು ಕಡಿಮೆಯಾಗಿದ್ದು, 177,595 ರಷ್ಟು ಕುಸಿತವಾಗಿದೆ ಎಂದು ಮಾಹಿತಿ ನೀಡಲಾಗಿದೆ. ಕಳೆದ ವಾರ ಟೊರೊಂಟೊದಲ್ಲಿ ಮಾಡಿದ ಭಾಷಣದಲ್ಲಿ, ಕೆನಡಾದ ವಲಸೆ, ನಿರಾಶ್ರಿತರು ಮತ್ತು ಪೌರತ್ವ ಸಚಿವೆ ಲೀನಾ ಮೆಟ್ಲೆಜ್ ಡಿಯಾಬ್, ಕಳೆದ ವರ್ಷ ಪ್ರಧಾನಿ ಮಾರ್ಕ್ ಕಾರ್ನಿ ಅವರನ್ನು ಈ ಹುದ್ದೆಗೆ ನೇಮಿಸಿದಾಗ ಭಾರತೀಯ ವಿದ್ಯಾರ್ಥಿಗಳಿಗೆ ಹೆಚ್ಚಿನ ವೀಸಾ ನಿರಾಕರಣೆ ಅಂಕಿಅಂಶಗಳು, ಈಗ ಅ ಸಂಖ್ಯೆ ಗಣನೀಯವಾಗಿ ಇಳಿಕೆಯಾಗಿದೆ ಎಂದು ಹೇಳಲಾಗಿದೆ. ಈ ಪ್ರಕ್ರಿಯೆಯ ಭಾಗವಾಗಿ, ಕೆನಡಾ ಅಂತರರಾಷ್ಟ್ರೀಯ ವಿದ್ಯಾರ್ಥಿಗಳ ಸಂಖ್ಯೆ ಮಿತಿಗೊಳಿಸಿದೆ, ಅಧ್ಯಯನ ಪರವಾನಗಿ ವಂಚನೆ ತಡೆಗಟ್ಟಲು ಸ್ವೀಕಾರ ಪತ್ರ ಪರಿಶೀಲನೆ ಕಡ್ಡಾಯಗೊಳಿಸಿದೆ ಮತ್ತು ಹಣಕಾಸಿನ ಅವಶ್ಯಕತೆಗಳನ್ನು ಹೆಚ್ಚಿಸಿದೆ.

ಟ್ರಂಪ್ ನಿವಾಸಕ್ಕೆ ನುಗ್ಗಲು ಯತ್ನ: ಶಸ್ತ್ರಸಜ್ಜಿತ ವ್ಯಕ್ತಿ ಹತ್ಯೆ

ಫ್ಲೋರಿಡಾ,ಫೆ.23:- ಅಮೆರಿಕಾದ ಫ್ಲೋರಿಡಾದಲ್ಲಿರುವ ಅಮೆರಿಕ ಅಧ್ಯಕ್ಷ ಡೊನಾಲ್ಡ್ ಟ್ರಂಪ್ ಅವರ ಮಾರ್-ಎ-ಲಾಗೊ ನಿವಾಸದ ಸುರಕ್ಷಿತ ಪರಿಧಿಯೊಳಗೆ ಪ್ರವೇಶಿಸಿದ ಶಸ್ತ್ರಸಜ್ಜಿತ ವ್ಯಕ್ತಿಯನ್ನು ಸೀಕ್ರೆಟ್ ಸರ್ವೀಸ್ ಅಧಿಕಾರಿಗಳು ಗುಂಡು ಹಾರಿಸಿ ಹತ್ಯೆ ಮಾಡಿದ್ದಾರೆ. ಮೃತ ವ್ಯಕ್ತಿ ಶಾಟ್ ಗನ್ ಮತ್ತು ಇಂಧನ ಕ್ಯಾನ್ ಹೊತ್ತೊಯ್ಯುತ್ತಿದ್ದ. ಸೀಕ್ರೆಟ್ ಸರ್ವೀಸ್ ಏಜೆಂಟ್‌ಗಳು ಮತ್ತು ಶೆರಿಫ್ ಅಧಿಕಾರಿಗಳು ತಡೆದಿದ್ದಾರೆ. ಈ ವೇಳೆ ಸೀಕ್ರೆಟ್ ಸರ್ವೀಸ್ ಗುಂಡು ಹಾರಿಸಿ ಹತ್ಯೆ ಮಾಡಿರುವ ಘಟನೆ ನಡೆದಿದೆ. ಮೃತ ಶಂಕಿತನನ್ನು ಉತ್ತರ ಕೆರೊಲಿನಾದ ಕ್ಯಾಮರೂನ್ ನ ಆಸ್ಟಿನ್ ಟಿ ಮಾರ್ಟಿನ್ ಎಂದು ಹೆಸರಿಸಲಾಗಿದೆ ಪ್ರಧಾನ ಪಡೆಯ ಅಧಿಕಾರಿಗಳು ಮಾಹಿತಿ ನೀಡಿದ್ದಾರೆ. ಮಾರ್ಟಿನ್ ಅವರನ್ನು ಒಳಗೊಂಡ ಯಾವುದೇ ಹಿಂದಿನ ಇತಿಹಾಸ ಇದಾಗಿದೆ ಇರಲಿಲ್ಲ ಮತ್ತು ಅವರು ಫ್ಲೋರಿಡಾ ತನಿಖೆಯಲ್ಲಿ ಭಾಗಿಯಾಗಿಲ್ಲ ಎಂದು ಫ್ಲೋರಿಡಾ ಅಧಿಕಾರಿಗಳು ಮಾಹಿತಿ ನೀಡಿದ್ದಾರೆ. ಉತ್ತರ ಕೆರೊಲಿನಾದಿಂದ ಫ್ಲೋರಿಡಾಕ್ಕೆ ಹೋಗುವ ಮಾರ್ಗದಲ್ಲಿ ಬಂದೂಕನ್ನು ಖರೀದಿಸಿದ್ದಾನೆ ಎಂದು ಅಧಿಕಾರಿಗಳು ಹೇಳಿದ್ದಾರೆ. ಬೆಳಿಗ್ಗೆ ಸುಮಾರು 1.30 ರ ಸುಮಾರಿಗೆ ಮಾರ್-ಎ-ಲಾಗೊದ ಉತ್ತರ ದ್ವಾರದ ಮೂಲಕ ಪ್ರವೇಶಿಸುತ್ತಿರುವುದನ್ನು ನೋಡಿದ ನಂತರ, ಸೀಕ್ರೆಟ್ ಸರ್ವೀಸ್ ಏಜೆಂಟ್‌ಗಳು ಅವನ ಮೇಲೆ ಗುಂಡು ಹಾರಿಸಿದ್ದಾರೆ ಎಂದು ಏಜೆನ್ಸಿ ವಕ್ತಾರ ಆಂಥೋನಿ ಗುಗ್ಲಿಯೆಲ್ಮಿ ತಿಳಿಸಿದ್ದಾರೆ. ಆರೋಪಿ 'ಮಾರ್-ಎ-ಲಾಗೊ ಆಸ್ತಿಯ ಉತ್ತರ ದ್ವಾರದಿಂದ ಶಾಟ್‌ಗನ್ ಮತ್ತು ಇಂಧನ ಕ್ಯಾನನ್ನು ಹಿಡಿದುಕೊಂಡು ಹೊಳಗೆ ಪ್ರವೇಶಿಸಲು ಯತ್ನಿಸಿದ್ದಾನೆ ಎಂದು ಅವರು ತಿಳಿಸಿದ್ದಾರೆ. ಘಟನೆ ನಡೆದಾಗ ಅಧ್ಯಕ್ಷ ಟ್ರಂಪ್ ಅಲ್ಲಿರಲಿಲ್ಲ ಎಂದು ಮಾಹಿತಿ ನೀಡಿದ್ದಾರೆ. ಶಂಕಿತನ ಬಂದೂಕನ್ನು ಲೋಡ್ ಮಾಡಲಾಗಿದೆಯೇ ಎಂಬುದು ತನಿಖೆಯಲ್ಲಿದೆ. ಸೀಕ್ರೆಟ್ ಸರ್ವೀಸ್ ನಿರ್ದೇಶಕ ಸೀನ್ ಕರನ್ 'ನಾವು ಗಂಭೀರವಾಗಿ ಪರಿಗಣಿಸುತ್ತೇವೆ' ಎಂದು ತಿಳಿಸಿದ್ದು, ಈ ಸಂಬಂಧ ಮತ್ತಷ್ಟು ತನಿಖೆ ನಡೆಸಲಾಗುತ್ತಿದೆ.
